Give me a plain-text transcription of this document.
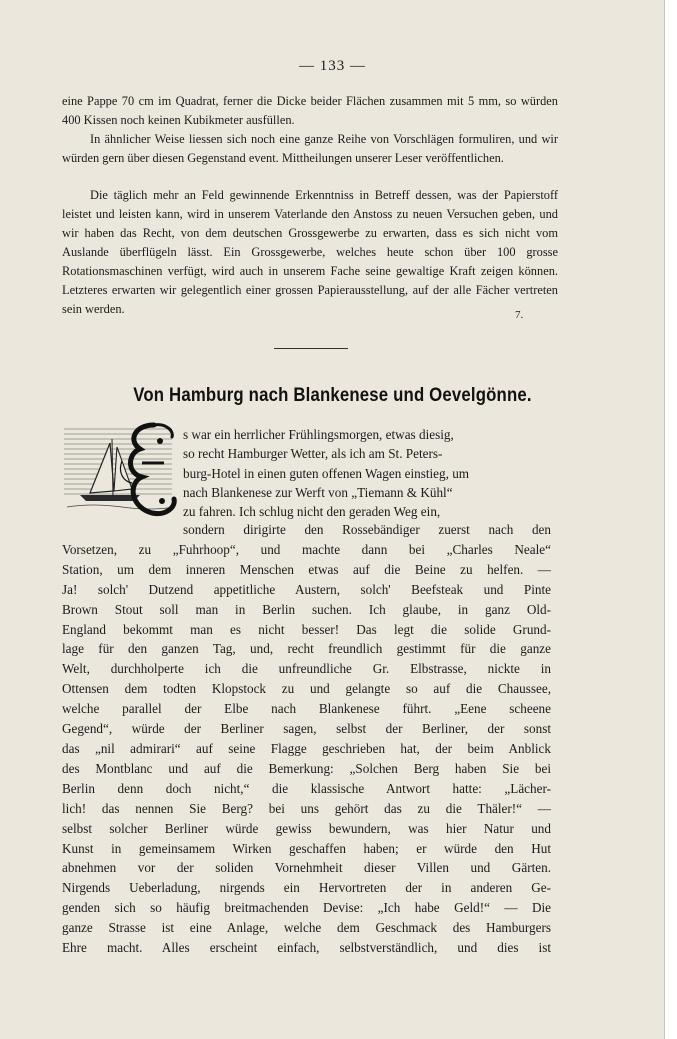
— 133 —

eine Pappe 70 cm im Quadrat, ferner die Dicke beider Flächen zusammen mit 5 mm, so würden 400 Kissen noch keinen Kubikmeter ausfüllen.

In ähnlicher Weise liessen sich noch eine ganze Reihe von Vorschlägen formuliren, und wir würden gern über diesen Gegenstand event. Mittheilungen unserer Leser veröffentlichen.

Die täglich mehr an Feld gewinnende Erkenntniss in Betreff dessen, was der Papierstoff leistet und leisten kann, wird in unserem Vaterlande den Anstoss zu neuen Versuchen geben, und wir haben das Recht, von dem deutschen Grossgewerbe zu erwarten, dass es sich nicht vom Auslande überflügeln lässt. Ein Grossgewerbe, welches heute schon über 100 grosse Rotationsmaschinen verfügt, wird auch in unserem Fache seine gewaltige Kraft zeigen können. Letzteres erwarten wir gelegentlich einer grossen Papierausstellung, auf der alle Fächer vertreten sein werden.	7.
Von Hamburg nach Blankenese und Oevelgönne.
s war ein herrlicher Frühlingsmorgen, etwas diesig,
so recht Hamburger Wetter, als ich am St. Peters-
burg-Hotel in einen guten offenen Wagen einstieg, um
nach Blankenese zur Werft von „Tiemann & Kühl“
zu fahren. Ich schlug nicht den geraden Weg ein,
sondern dirigirte den Rossebändiger zuerst nach den
Vorsetzen, zu „Fuhrhoop“, und machte dann bei „Charles Neale“
Station, um dem inneren Menschen etwas auf die Beine zu helfen. —
Ja! solch' Dutzend appetitliche Austern, solch' Beefsteak und Pinte
Brown Stout soll man in Berlin suchen. Ich glaube, in ganz Old-
England bekommt man es nicht besser! Das legt die solide Grund-
lage für den ganzen Tag, und, recht freundlich gestimmt für die ganze
Welt, durchholperte ich die unfreundliche Gr. Elbstrasse, nickte in
Ottensen dem todten Klopstock zu und gelangte so auf die Chaussee,
welche parallel der Elbe nach Blankenese führt. „Eene scheene
Gegend“, würde der Berliner sagen, selbst der Berliner, der sonst
das „nil admirari“ auf seine Flagge geschrieben hat, der beim Anblick
des Montblanc und auf die Bemerkung: „Solchen Berg haben Sie bei
Berlin denn doch nicht,“ die klassische Antwort hatte: „Lächer-
lich! das nennen Sie Berg? bei uns gehört das zu die Thäler!“ —
selbst solcher Berliner würde gewiss bewundern, was hier Natur und
Kunst in gemeinsamem Wirken geschaffen haben; er würde den Hut
abnehmen vor der soliden Vornehmheit dieser Villen und Gärten.
Nirgends Ueberladung, nirgends ein Hervortreten der in anderen Ge-
genden sich so häufig breitmachenden Devise: „Ich habe Geld!“ — Die
ganze Strasse ist eine Anlage, welche dem Geschmack des Hamburgers
Ehre macht. Alles erscheint einfach, selbstverständlich, und dies ist
